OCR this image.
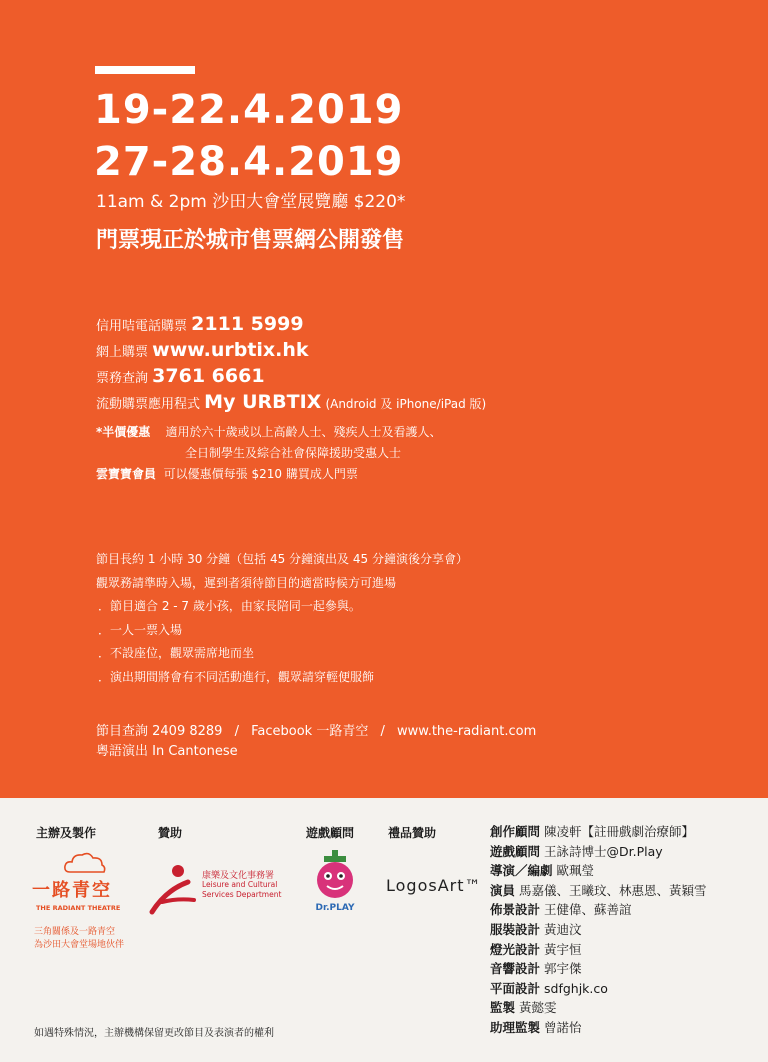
19-22.4.2019
27-28.4.2019
11am & 2pm 沙田大會堂展覽廳 $220*
門票現正於城市售票網公開發售
信用咭電話購票 2111 5999
網上購票 www.urbtix.hk
票務查詢 3761 6661
流動購票應用程式 My URBTIX (Android 及 iPhone/iPad 版)
*半價優惠 適用於六十歲或以上高齡人士、殘疾人士及看護人、
全日制學生及綜合社會保障援助受惠人士
雲寶寶會員 可以優惠價每張 $210 購買成人門票
節目長約 1 小時 30 分鐘（包括 45 分鐘演出及 45 分鐘演後分享會）
觀眾務請準時入場，遲到者須待節目的適當時候方可進場
．節目適合 2 - 7 歲小孩，由家長陪同一起參與。
．一人一票入場
．不設座位，觀眾需席地而坐
．演出期間將會有不同活動進行，觀眾請穿輕便服飾
節目查詢 2409 8289 / Facebook 一路青空 / www.the-radiant.com
粵語演出 In Cantonese
主辦及製作	贊助	遊戲顧問	禮品贊助
一路青空
THE RADIANT THEATRE
三角關係及一路青空
為沙田大會堂場地伙伴
康樂及文化事務署
Leisure and Cultural
Services Department
Dr.PLAY
LogosArt™
創作顧問 陳凌軒【註冊戲劇治療師】
遊戲顧問 王詠詩博士@Dr.Play
導演／編劇 歐珮瑩
演員 馬嘉儀、王曦玟、林惠恩、黃穎雪
佈景設計 王健偉、蘇善誼
服裝設計 黃迪汶
燈光設計 黃宇恒
音響設計 郭宇傑
平面設計 sdfghjk.co
監製 黃懿雯
助理監製 曾諾怡
如遇特殊情況，主辦機構保留更改節目及表演者的權利
